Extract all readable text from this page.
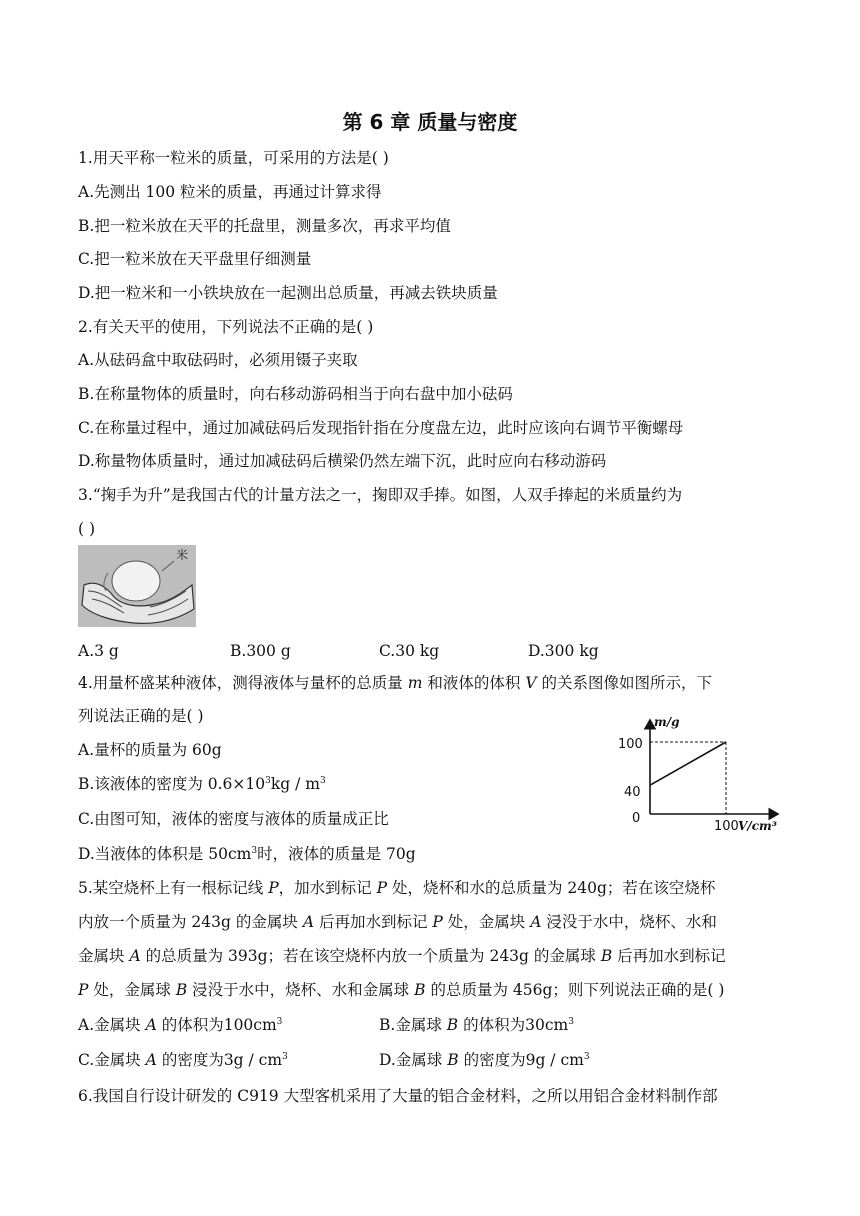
第 6 章 质量与密度
1.用天平称一粒米的质量，可采用的方法是( )
A.先测出 100 粒米的质量，再通过计算求得
B.把一粒米放在天平的托盘里，测量多次，再求平均值
C.把一粒米放在天平盘里仔细测量
D.把一粒米和一小铁块放在一起测出总质量，再减去铁块质量
2.有关天平的使用，下列说法不正确的是( )
A.从砝码盒中取砝码时，必须用镊子夹取
B.在称量物体的质量时，向右移动游码相当于向右盘中加小砝码
C.在称量过程中，通过加减砝码后发现指针指在分度盘左边，此时应该向右调节平衡螺母
D.称量物体质量时，通过加减砝码后横梁仍然左端下沉，此时应向右移动游码
3.“掬手为升”是我国古代的计量方法之一，掬即双手捧。如图，人双手捧起的米质量约为
( )
米
A.3 g	B.300 g	C.30 kg	D.300 kg
4.用量杯盛某种液体，测得液体与量杯的总质量 m 和液体的体积 V 的关系图像如图所示，下
列说法正确的是( )
A.量杯的质量为 60g
B.该液体的密度为 $0.6\times 10^3kg / m^3$
C.由图可知，液体的密度与液体的质量成正比
D.当液体的体积是 $50cm^3$时，液体的质量是 70g
m/g
V/cm³
100
40
0
100
5.某空烧杯上有一根标记线 P，加水到标记 P 处，烧杯和水的总质量为 240g；若在该空烧杯
内放一个质量为 243g 的金属块 A 后再加水到标记 P 处，金属块 A 浸没于水中，烧杯、水和
金属块 A 的总质量为 393g；若在该空烧杯内放一个质量为 243g 的金属球 B 后再加水到标记
P 处，金属球 B 浸没于水中，烧杯、水和金属球 B 的总质量为 456g；则下列说法正确的是( )
A.金属块 A 的体积为$100cm^3$	B.金属球 B 的体积为$30cm^3$
C.金属块 A 的密度为$3g / cm^3$	D.金属球 B 的密度为$9g / cm^3$
6.我国自行设计研发的 C919 大型客机采用了大量的铝合金材料，之所以用铝合金材料制作部
